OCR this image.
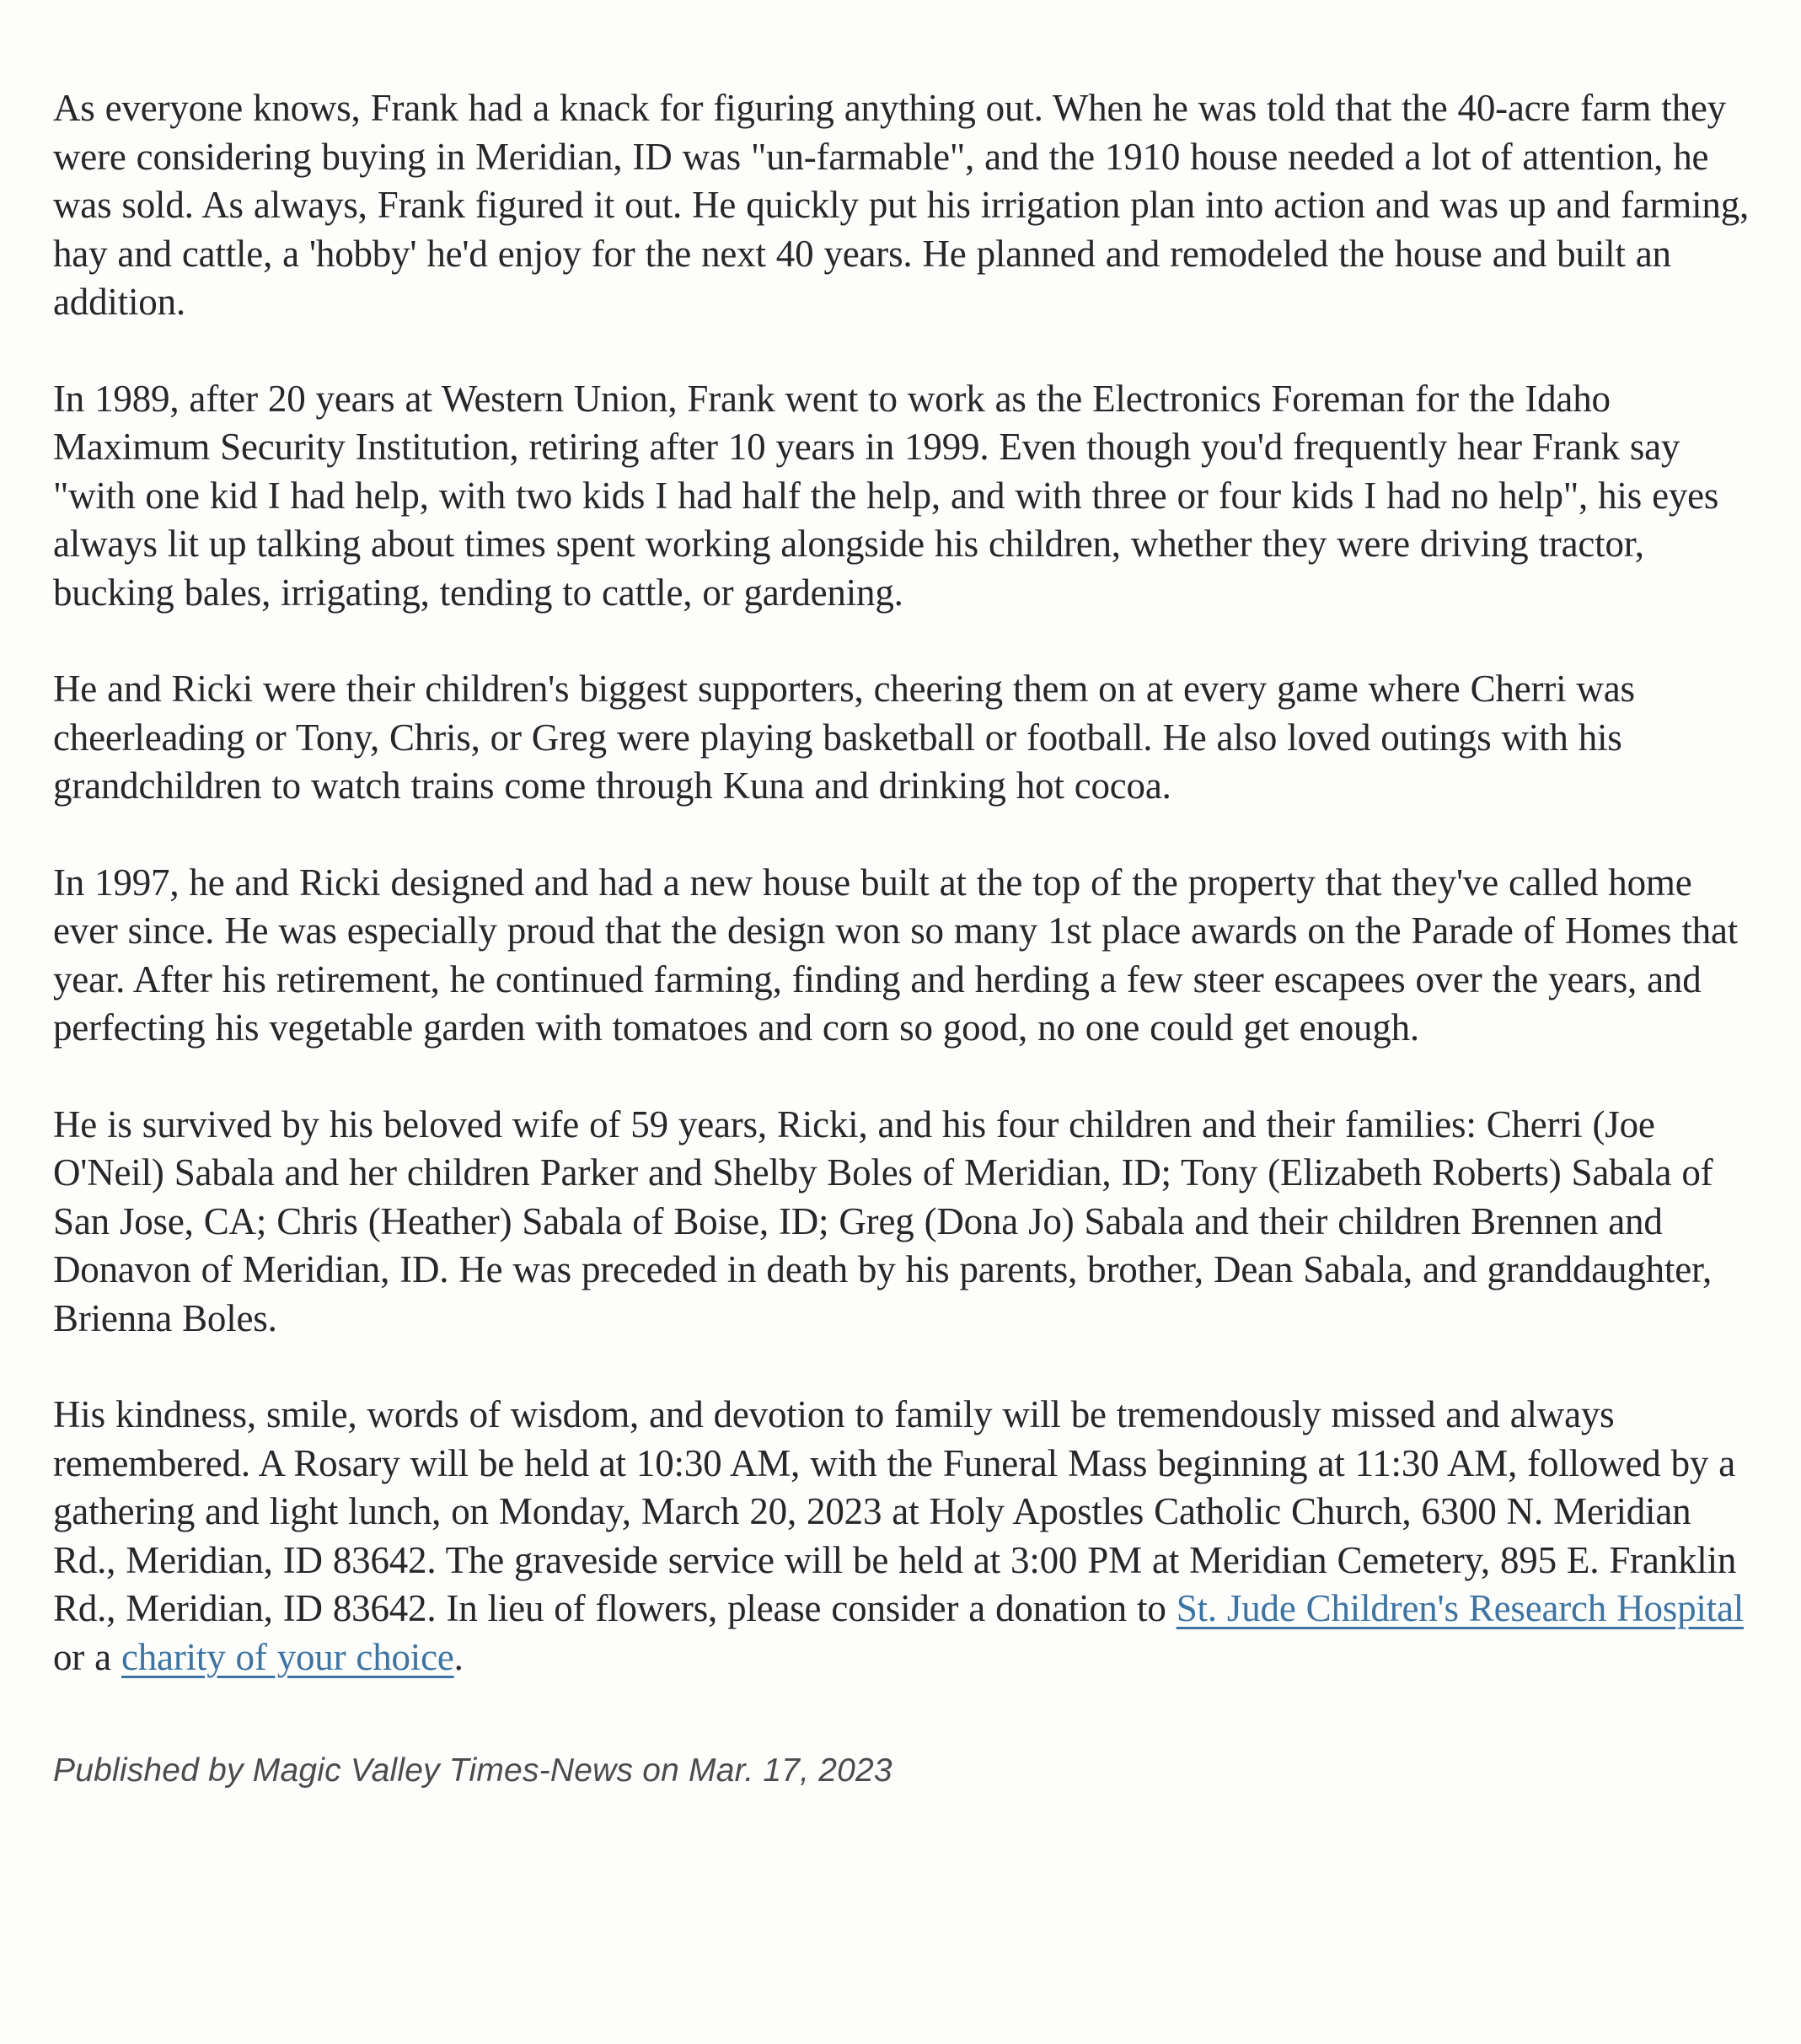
As everyone knows, Frank had a knack for figuring anything out. When he was told that the 40-acre farm they were considering buying in Meridian, ID was "un-farmable", and the 1910 house needed a lot of attention, he was sold. As always, Frank figured it out. He quickly put his irrigation plan into action and was up and farming, hay and cattle, a 'hobby' he'd enjoy for the next 40 years. He planned and remodeled the house and built an addition.

In 1989, after 20 years at Western Union, Frank went to work as the Electronics Foreman for the Idaho Maximum Security Institution, retiring after 10 years in 1999. Even though you'd frequently hear Frank say "with one kid I had help, with two kids I had half the help, and with three or four kids I had no help", his eyes always lit up talking about times spent working alongside his children, whether they were driving tractor, bucking bales, irrigating, tending to cattle, or gardening.

He and Ricki were their children's biggest supporters, cheering them on at every game where Cherri was cheerleading or Tony, Chris, or Greg were playing basketball or football. He also loved outings with his grandchildren to watch trains come through Kuna and drinking hot cocoa.

In 1997, he and Ricki designed and had a new house built at the top of the property that they've called home ever since. He was especially proud that the design won so many 1st place awards on the Parade of Homes that year. After his retirement, he continued farming, finding and herding a few steer escapees over the years, and perfecting his vegetable garden with tomatoes and corn so good, no one could get enough.

He is survived by his beloved wife of 59 years, Ricki, and his four children and their families: Cherri (Joe O'Neil) Sabala and her children Parker and Shelby Boles of Meridian, ID; Tony (Elizabeth Roberts) Sabala of San Jose, CA; Chris (Heather) Sabala of Boise, ID; Greg (Dona Jo) Sabala and their children Brennen and Donavon of Meridian, ID. He was preceded in death by his parents, brother, Dean Sabala, and granddaughter, Brienna Boles.

His kindness, smile, words of wisdom, and devotion to family will be tremendously missed and always remembered. A Rosary will be held at 10:30 AM, with the Funeral Mass beginning at 11:30 AM, followed by a gathering and light lunch, on Monday, March 20, 2023 at Holy Apostles Catholic Church, 6300 N. Meridian Rd., Meridian, ID 83642. The graveside service will be held at 3:00 PM at Meridian Cemetery, 895 E. Franklin Rd., Meridian, ID 83642. In lieu of flowers, please consider a donation to St. Jude Children's Research Hospital or a charity of your choice.

Published by Magic Valley Times-News on Mar. 17, 2023
